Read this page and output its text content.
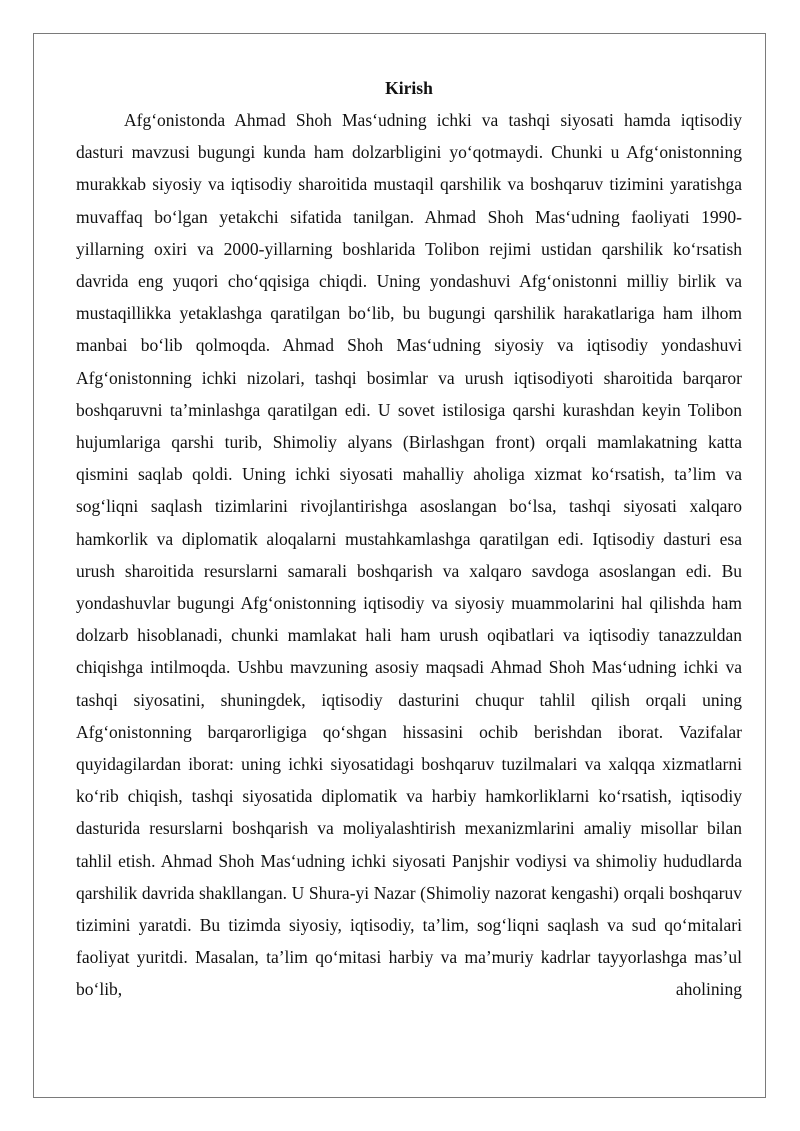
Kirish

Afg‘onistonda Ahmad Shoh Mas‘udning ichki va tashqi siyosati hamda iqtisodiy dasturi mavzusi bugungi kunda ham dolzarbligini yo‘qotmaydi. Chunki u Afg‘onistonning murakkab siyosiy va iqtisodiy sharoitida mustaqil qarshilik va boshqaruv tizimini yaratishga muvaffaq bo‘lgan yetakchi sifatida tanilgan. Ahmad Shoh Mas‘udning faoliyati 1990-yillarning oxiri va 2000-yillarning boshlarida Tolibon rejimi ustidan qarshilik ko‘rsatish davrida eng yuqori cho‘qqisiga chiqdi. Uning yondashuvi Afg‘onistonni milliy birlik va mustaqillikka yetaklashga qaratilgan bo‘lib, bu bugungi qarshilik harakatlariga ham ilhom manbai bo‘lib qolmoqda. Ahmad Shoh Mas‘udning siyosiy va iqtisodiy yondashuvi Afg‘onistonning ichki nizolari, tashqi bosimlar va urush iqtisodiyoti sharoitida barqaror boshqaruvni ta’minlashga qaratilgan edi. U sovet istilosiga qarshi kurashdan keyin Tolibon hujumlariga qarshi turib, Shimoliy alyans (Birlashgan front) orqali mamlakatning katta qismini saqlab qoldi. Uning ichki siyosati mahalliy aholiga xizmat ko‘rsatish, ta’lim va sog‘liqni saqlash tizimlarini rivojlantirishga asoslangan bo‘lsa, tashqi siyosati xalqaro hamkorlik va diplomatik aloqalarni mustahkamlashga qaratilgan edi. Iqtisodiy dasturi esa urush sharoitida resurslarni samarali boshqarish va xalqaro savdoga asoslangan edi. Bu yondashuvlar bugungi Afg‘onistonning iqtisodiy va siyosiy muammolarini hal qilishda ham dolzarb hisoblanadi, chunki mamlakat hali ham urush oqibatlari va iqtisodiy tanazzuldan chiqishga intilmoqda. Ushbu mavzuning asosiy maqsadi Ahmad Shoh Mas‘udning ichki va tashqi siyosatini, shuningdek, iqtisodiy dasturini chuqur tahlil qilish orqali uning Afg‘onistonning barqarorligiga qo‘shgan hissasini ochib berishdan iborat. Vazifalar quyidagilardan iborat: uning ichki siyosatidagi boshqaruv tuzilmalari va xalqqa xizmatlarni ko‘rib chiqish, tashqi siyosatida diplomatik va harbiy hamkorliklarni ko‘rsatish, iqtisodiy dasturida resurslarni boshqarish va moliyalashtirish mexanizmlarini amaliy misollar bilan tahlil etish. Ahmad Shoh Mas‘udning ichki siyosati Panjshir vodiysi va shimoliy hududlarda qarshilik davrida shakllangan. U Shura-yi Nazar (Shimoliy nazorat kengashi) orqali boshqaruv tizimini yaratdi. Bu tizimda siyosiy, iqtisodiy, ta’lim, sog‘liqni saqlash va sud qo‘mitalari faoliyat yuritdi. Masalan, ta’lim qo‘mitasi harbiy va ma’muriy kadrlar tayyorlashga mas’ul bo‘lib, aholining
